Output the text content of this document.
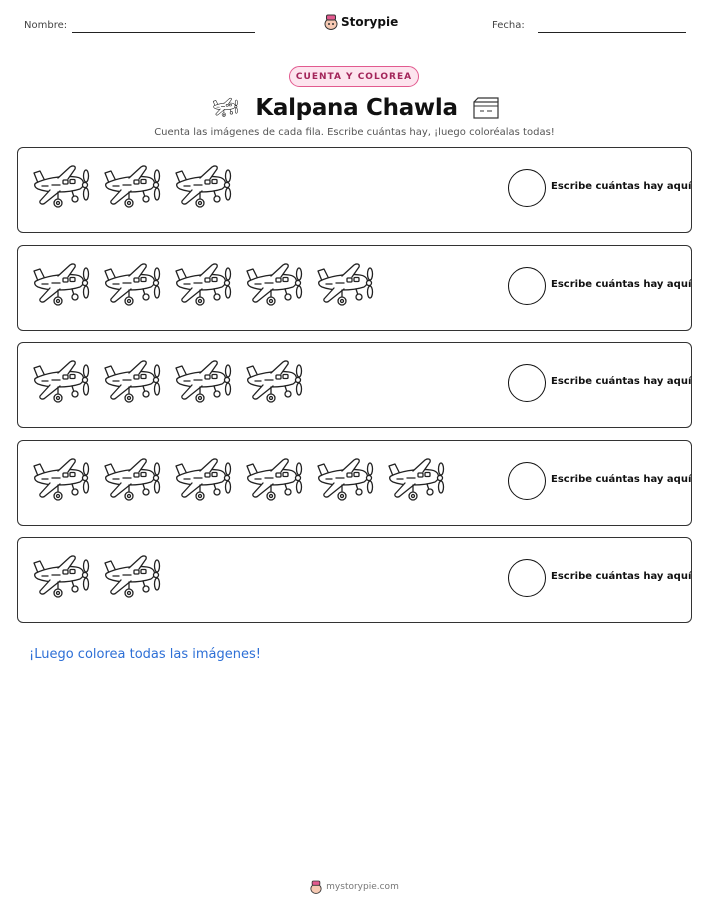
Nombre:	Storypie	Fecha:
CUENTA Y COLOREA
Kalpana Chawla
Cuenta las imágenes de cada fila. Escribe cuántas hay, ¡luego coloréalas todas!
Escribe cuántas hay aquí
Escribe cuántas hay aquí
Escribe cuántas hay aquí
Escribe cuántas hay aquí
Escribe cuántas hay aquí
¡Luego colorea todas las imágenes!
mystorypie.com
